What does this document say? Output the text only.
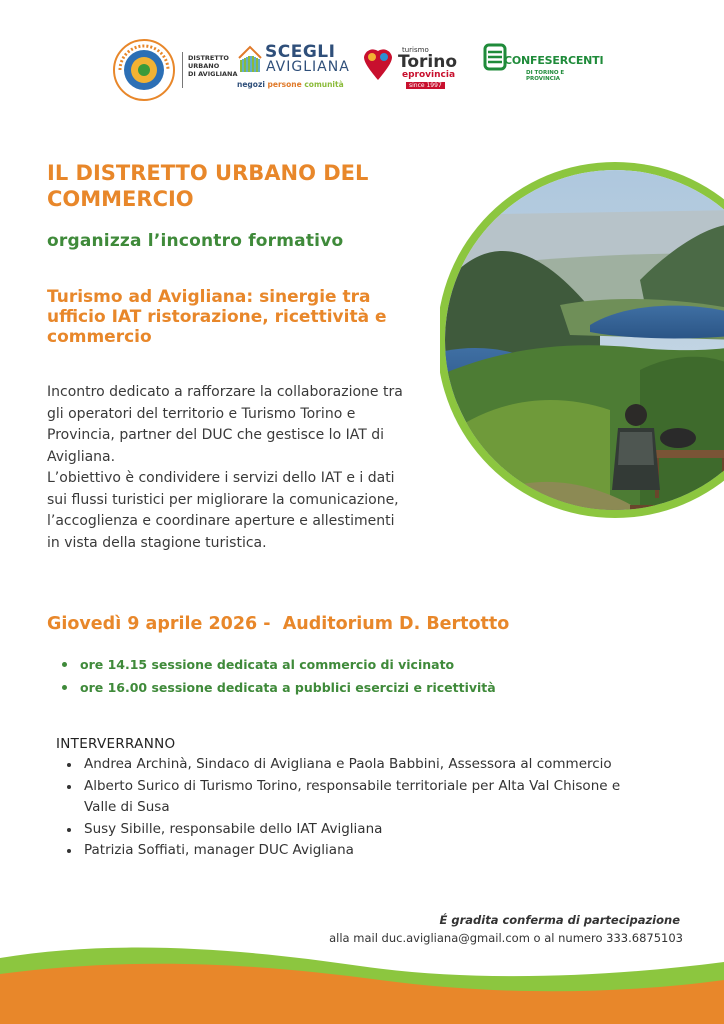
DISTRETTO
URBANO
DI AVIGLIANA
SCEGLI
AVIGLIANA
negozi persone comunità
turismo
Torino
eprovincia
since 1997
CONFESERCENTI
DI TORINO E PROVINCIA
IL DISTRETTO URBANO DEL COMMERCIO
organizza l’incontro formativo
Turismo ad Avigliana: sinergie tra ufficio IAT ristorazione, ricettività e commercio

Incontro dedicato a rafforzare la collaborazione tra gli operatori del territorio e Turismo Torino e Provincia, partner del DUC che gestisce lo IAT di Avigliana.

L’obiettivo è condividere i servizi dello IAT e i dati sui flussi turistici per migliorare la comunicazione, l’accoglienza e coordinare aperture e allestimenti in vista della stagione turistica.

Giovedì 9 aprile 2026 -  Auditorium D. Bertotto

ore 14.15 sessione dedicata al commercio di vicinato
ore 16.00 sessione dedicata a pubblici esercizi e ricettività

INTERVERRANNO

Andrea Archinà, Sindaco di Avigliana e Paola Babbini, Assessora al commercio
Alberto Surico di Turismo Torino, responsabile territoriale per Alta Val Chisone e Valle di Susa
Susy Sibille, responsabile dello IAT Avigliana
Patrizia Soffiati, manager DUC Avigliana

É gradita conferma di partecipazione

alla mail duc.avigliana@gmail.com o al numero 333.6875103
